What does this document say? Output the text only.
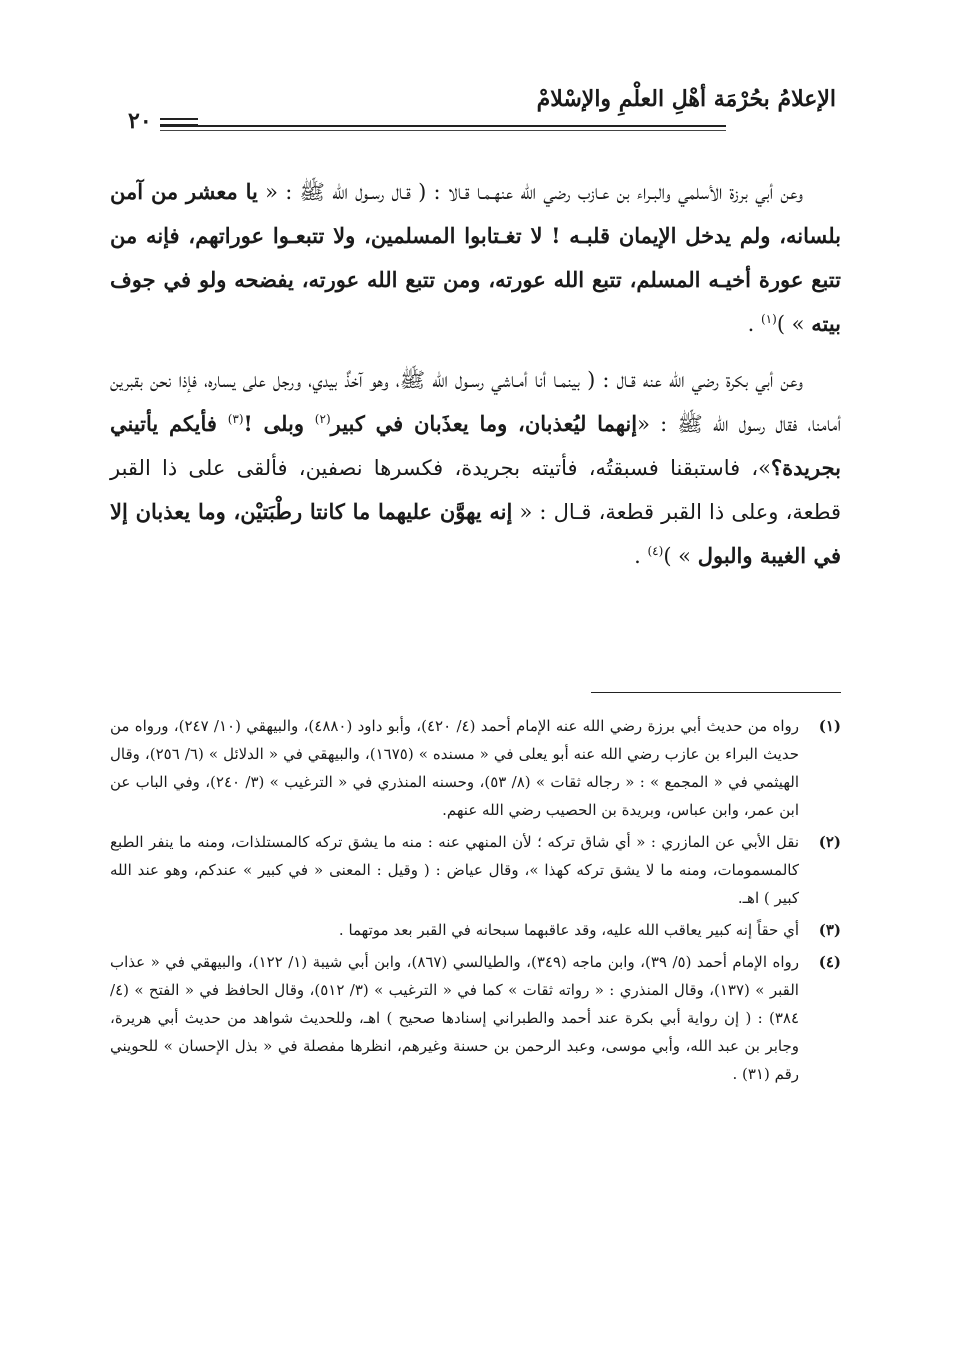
الإعلامُ بحُرْمَة أهْلِ العلْمِ والإسْلامْ
٢٠

وعن أبي برزة الأسلمي والبـراء بن عـازب رضي الله عنهـمـا قـالا : ( قـال رسـول الله ﷺ : « يا معشر من آمن بلسانه، ولم يدخل الإيمان قلبـه ! لا تغـتابوا المسلمين، ولا تتبعـوا عوراتهم، فإنه من تتبع عورة أخيـه المسلم، تتبع الله عورته، ومن تتبع الله عورته، يفضحه ولو في جوف بيته » )$^{(١)}$ .

وعن أبي بكرة رضي الله عنه قـال : ( بينمـا أنا أمـاشي رسـول الله ﷺ، وهو آخذٌ بيدي، ورجل على يساره، فإذا نحن بقبرين أمامنا، فقال رسول الله ﷺ : «إنهما ليُعذبان، وما يعذَبان في كبير$^{(٢)}$ وبلى !$^{(٣)}$ فأيكم يأتيني بجريدة؟»، فاستبقنا فسبقتُه، فأتيته بجريدة، فكسرها نصفين، فألقى على ذا القبر قطعة، وعلى ذا القبر قطعة، قـال : « إنه يهوَّن عليهما ما كانتا رطْبَتيْن، وما يعذبان إلا في الغيبة والبول » )$^{(٤)}$ .

(١)
رواه من حديث أبي برزة رضي الله عنه الإمام أحمد (٤/ ٤٢٠)، وأبو داود (٤٨٨٠)، والبيهقي (١٠/ ٢٤٧)، ورواه من حديث البراء بن عازب رضي الله عنه أبو يعلى في « مسنده » (١٦٧٥)، والبيهقي في « الدلائل » (٦/ ٢٥٦)، وقال الهيثمي في « المجمع » : « رجاله ثقات » (٨/ ٥٣)، وحسنه المنذري في « الترغيب » (٣/ ٢٤٠)، وفي الباب عن ابن عمر، وابن عباس، وبريدة بن الحصيب رضي الله عنهم.
(٢)
نقل الأبي عن المازري : « أي شاق تركه ؛ لأن المنهي عنه : منه ما يشق تركه كالمستلذات، ومنه ما ينفر الطبع كالمسمومات، ومنه ما لا يشق تركه كهذا »، وقال عياض : ( وقيل : المعنى « في كبير » عندكم، وهو عند الله كبير ) اهـ.
(٣)
أي حقاً إنه كبير يعاقب الله عليه، وقد عاقبهما سبحانه في القبر بعد موتهما .
(٤)
رواه الإمام أحمد (٥/ ٣٩)، وابن ماجه (٣٤٩)، والطيالسي (٨٦٧)، وابن أبي شيبة (١/ ١٢٢)، والبيهقي في « عذاب القبر » (١٣٧)، وقال المنذري : « رواته ثقات » كما في « الترغيب » (٣/ ٥١٢)، وقال الحافظ في « الفتح » (٤/ ٣٨٤) : ( إن رواية أبي بكرة عند أحمد والطبراني إسنادها صحيح ) اهـ، وللحديث شواهد من حديث أبي هريرة، وجابر بن عبد الله، وأبي موسى، وعبد الرحمن بن حسنة وغيرهم، انظرها مفصلة في « بذل الإحسان » للحويني رقم (٣١) .
